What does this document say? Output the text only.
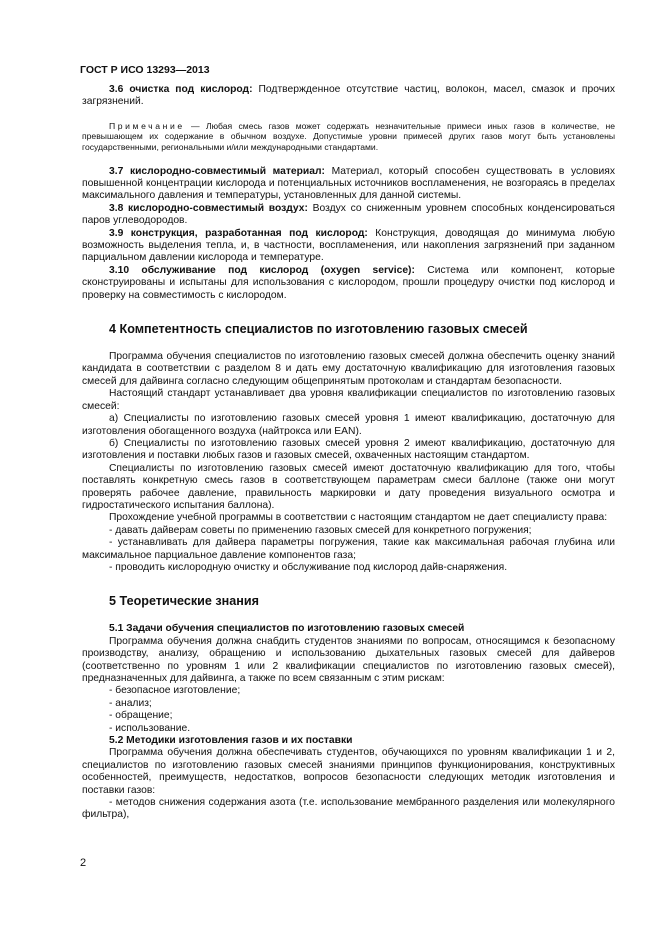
ГОСТ Р ИСО 13293—2013

3.6 очистка под кислород: Подтвержденное отсутствие частиц, волокон, масел, смазок и прочих загрязнений.

Примечание — Любая смесь газов может содержать незначительные примеси иных газов в количестве, не превышающем их содержание в обычном воздухе. Допустимые уровни примесей других газов могут быть установлены государственными, региональными и/или международными стандартами.

3.7 кислородно-совместимый материал: Материал, который способен существовать в условиях повышенной концентрации кислорода и потенциальных источников воспламенения, не возгораясь в пределах максимального давления и температуры, установленных для данной системы.

3.8 кислородно-совместимый воздух: Воздух со сниженным уровнем способных конденсироваться паров углеводородов.

3.9 конструкция, разработанная под кислород: Конструкция, доводящая до минимума любую возможность выделения тепла, и, в частности, воспламенения, или накопления загрязнений при заданном парциальном давлении кислорода и температуре.

3.10 обслуживание под кислород (oxygen service): Система или компонент, которые сконструированы и испытаны для использования с кислородом, прошли процедуру очистки под кислород и проверку на совместимость с кислородом.

4 Компетентность специалистов по изготовлению газовых смесей

Программа обучения специалистов по изготовлению газовых смесей должна обеспечить оценку знаний кандидата в соответствии с разделом 8 и дать ему достаточную квалификацию для изготовления газовых смесей для дайвинга согласно следующим общепринятым протоколам и стандартам безопасности.

Настоящий стандарт устанавливает два уровня квалификации специалистов по изготовлению газовых смесей:

а) Специалисты по изготовлению газовых смесей уровня 1 имеют квалификацию, достаточную для изготовления обогащенного воздуха (найтрокса или EAN).

б) Специалисты по изготовлению газовых смесей уровня 2 имеют квалификацию, достаточную для изготовления и поставки любых газов и газовых смесей, охваченных настоящим стандартом.

Специалисты по изготовлению газовых смесей имеют достаточную квалификацию для того, чтобы поставлять конкретную смесь газов в соответствующем параметрам смеси баллоне (также они могут проверять рабочее давление, правильность маркировки и дату проведения визуального осмотра и гидростатического испытания баллона).

Прохождение учебной программы в соответствии с настоящим стандартом не дает специалисту права:

- давать дайверам советы по применению газовых смесей для конкретного погружения;

- устанавливать для дайвера параметры погружения, такие как максимальная рабочая глубина или максимальное парциальное давление компонентов газа;

- проводить кислородную очистку и обслуживание под кислород дайв-снаряжения.

5 Теоретические знания

5.1 Задачи обучения специалистов по изготовлению газовых смесей

Программа обучения должна снабдить студентов знаниями по вопросам, относящимся к безопасному производству, анализу, обращению и использованию дыхательных газовых смесей для дайверов (соответственно по уровням 1 или 2 квалификации специалистов по изготовлению газовых смесей), предназначенных для дайвинга, а также по всем связанным с этим рискам:

- безопасное изготовление;

- анализ;

- обращение;

- использование.

5.2 Методики изготовления газов и их поставки

Программа обучения должна обеспечивать студентов, обучающихся по уровням квалификации 1 и 2, специалистов по изготовлению газовых смесей знаниями принципов функционирования, конструктивных особенностей, преимуществ, недостатков, вопросов безопасности следующих методик изготовления и поставки газов:

- методов снижения содержания азота (т.е. использование мембранного разделения или молекулярного фильтра),

2
